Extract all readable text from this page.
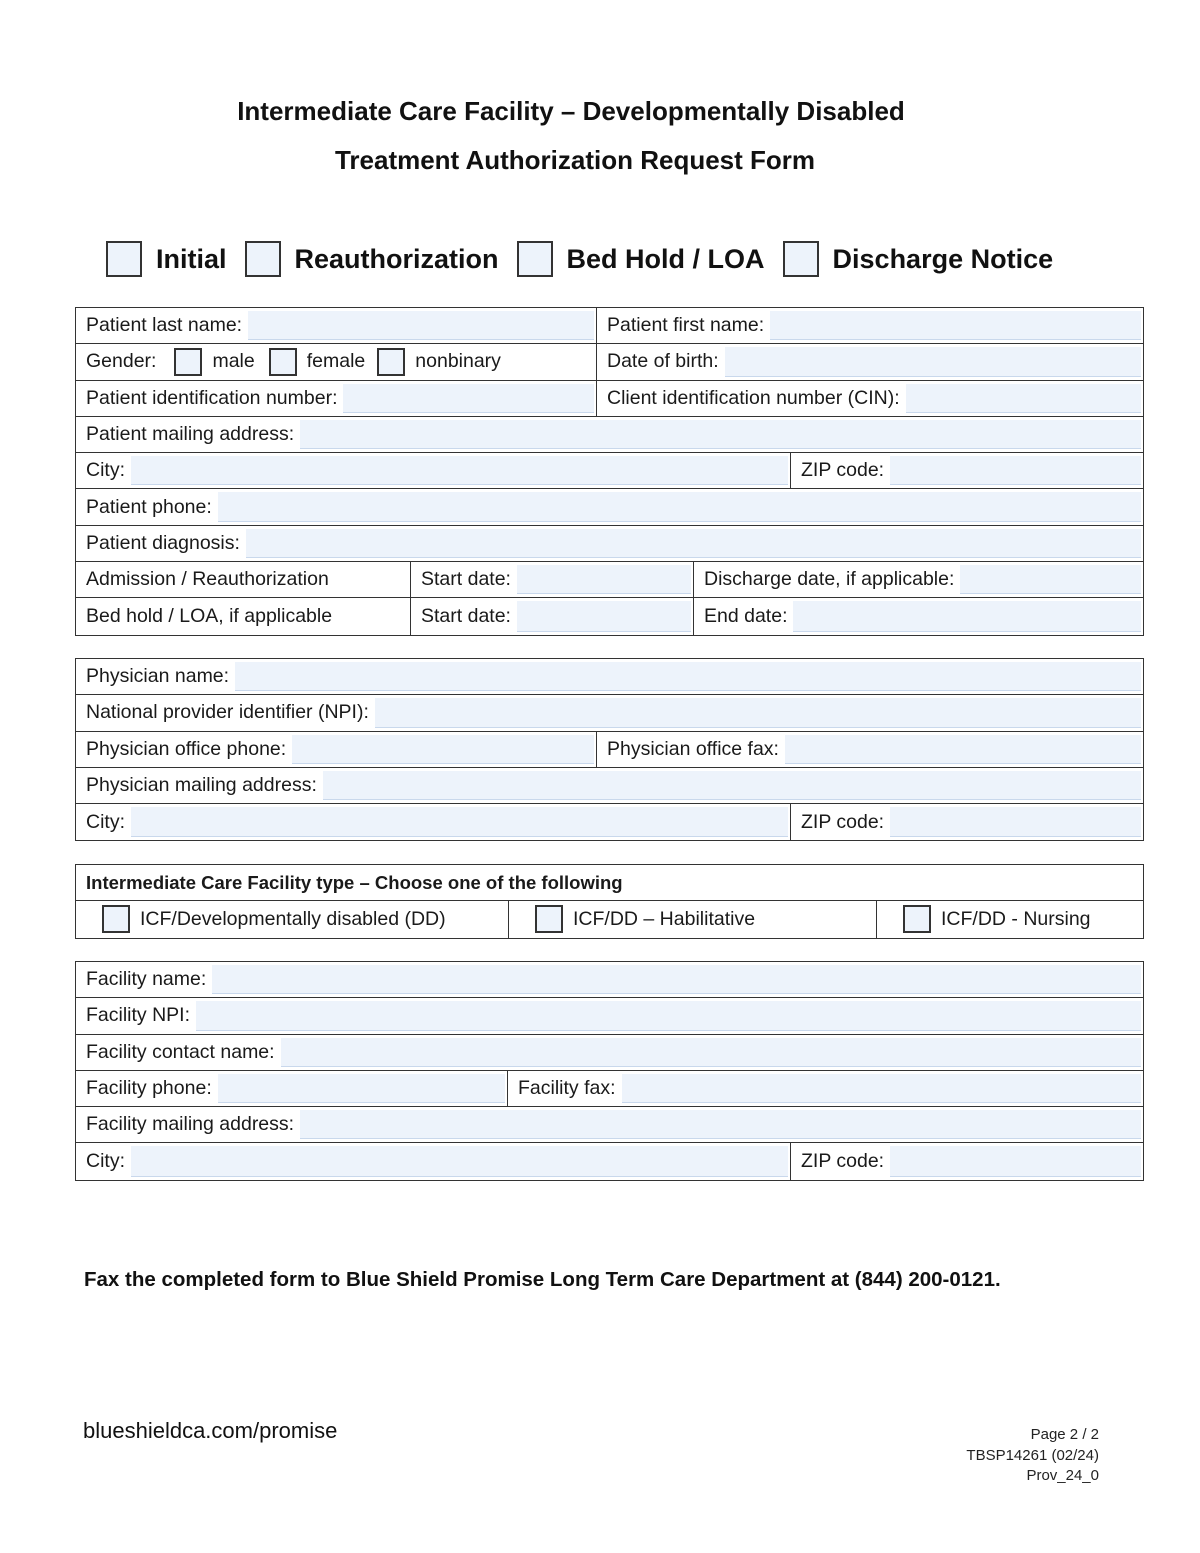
Intermediate Care Facility – Developmentally Disabled
Treatment Authorization Request Form
Initial	Reauthorization	Bed Hold / LOA	Discharge Notice
Patient last name:	Patient first name:
Gender:	male	female	nonbinary	Date of birth:
Patient identification number:	Client identification number (CIN):
Patient mailing address:
City:	ZIP code:
Patient phone:
Patient diagnosis:
Admission / Reauthorization	Start date:	Discharge date, if applicable:
Bed hold / LOA, if applicable	Start date:	End date:
Physician name:
National provider identifier (NPI):
Physician office phone:	Physician office fax:
Physician mailing address:
City:	ZIP code:
Intermediate Care Facility type – Choose one of the following
ICF/Developmentally disabled (DD)	ICF/DD – Habilitative	ICF/DD - Nursing
Facility name:
Facility NPI:
Facility contact name:
Facility phone:	Facility fax:
Facility mailing address:
City:	ZIP code:
Fax the completed form to Blue Shield Promise Long Term Care Department at (844) 200-0121.
blueshieldca.com/promise	Page 2 / 2
TBSP14261 (02/24)
Prov_24_0
